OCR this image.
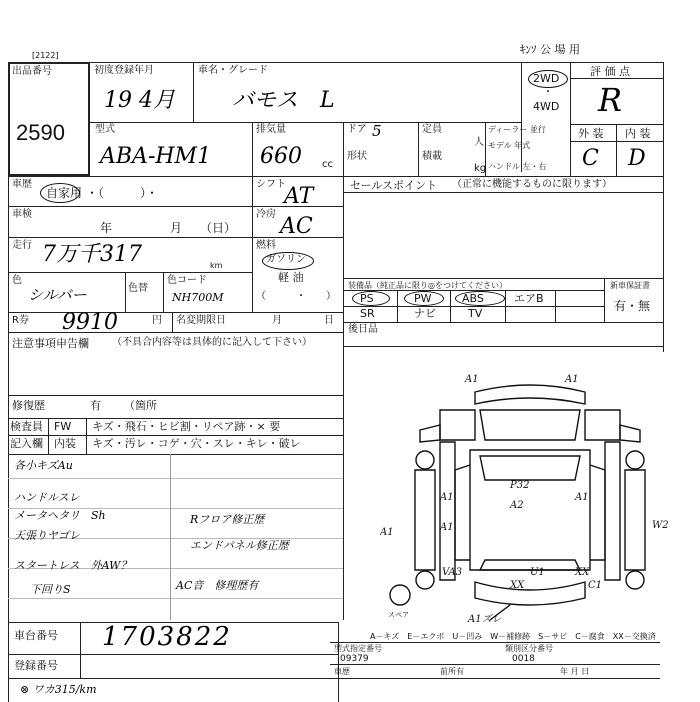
[2122]	ｷﾝｿ 公 場 用
出品番号
2590
初度登録年月
19 4月
車名・グレード
バモス　L
2WD
・
4WD
評 価 点
R
外 装 内 装
C D
型式
ABA-HM1
排気量
660 cc
ドア 5
形状
定員
人
積載
kg
ディーラー 並行
モデル 年式
ハンドル 左・右
車歴
自家用 ・（　　　）・
シフト
AT
車検
年	月 （日）
冷房 AC
走行 7万千317	km
燃料
ガソリン
軽 油
（　　　・　　）
色
シルバー	色替
色コード
NH700M
R券 9910	円 名変期限日	月	日
セールスポイント （正常に機能するものに限ります）
装備品（純正品に限り◎をつけてください）	新車保証書
有・無
PS	PW	ABS	エアB
SR	ナビ	TV
後日品
注意事項申告欄 （不具合内容等は具体的に記入して下さい）
修復歴	有 （箇所
検査員
記入欄
FW
内装
キズ・飛石・ヒビ割・リペア跡・× 要
キズ・汚レ・コゲ・穴・スレ・キレ・破レ
各小キズAu
ハンドルスレ
メータヘタリ　Sh
天張りヤゴレ
スタートレス　外AW？
下回りS
Rフロア修正歴
エンドパネル修正歴
AC音　修理歴有
A1	A1
A1
A1
A1
A1
P32
A2
W2
U1
XX
XX
C1
VA3
A1ズレ
スペア
車台番号 1703822	A－キズ　E－エクボ　U－凹み　W－補修跡　S－サビ　C－腐食　XX－交換済
登録番号
型式指定番号
09379
類別区分番号
0018
車歴	前所有	年 月 日
⊗ ワカ315/km
